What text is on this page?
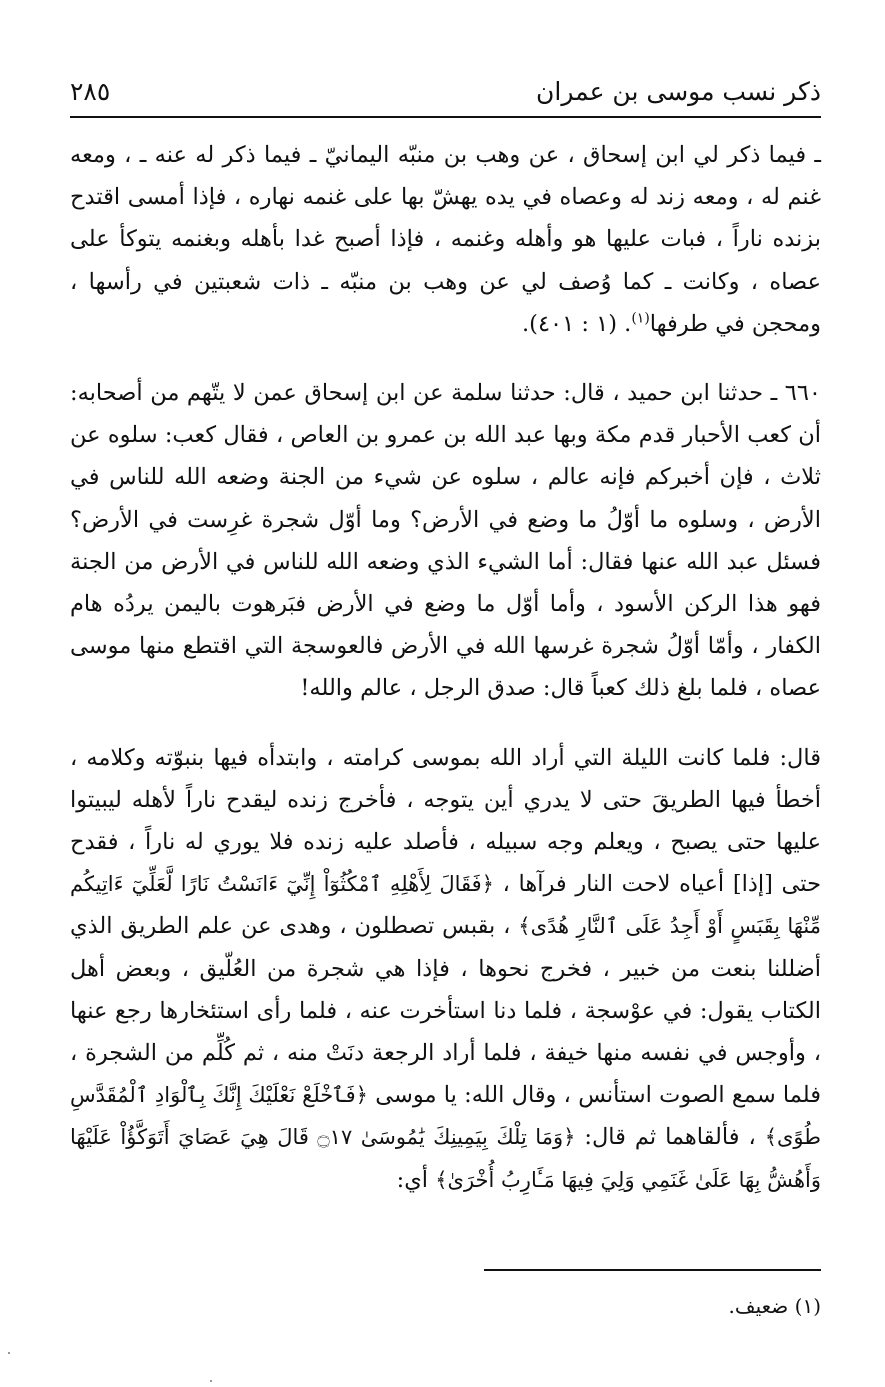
ذكر نسب موسى بن عمران
٢٨٥

ـ فيما ذكر لي ابن إسحاق ، عن وهب بن منبّه اليمانيّ ـ فيما ذكر له عنه ـ ، ومعه غنم له ، ومعه زند له وعصاه في يده يهشّ بها على غنمه نهاره ، فإذا أمسى اقتدح بزنده ناراً ، فبات عليها هو وأهله وغنمه ، فإذا أصبح غدا بأهله وبغنمه يتوكأ على عصاه ، وكانت ـ كما وُصف لي عن وهب بن منبّه ـ ذات شعبتين في رأسها ، ومحجن في طرفها$^{(١)}$. (١ : ٤٠١).

٦٦٠ ـ حدثنا ابن حميد ، قال: حدثنا سلمة عن ابن إسحاق عمن لا يتّهم من أصحابه: أن كعب الأحبار قدم مكة وبها عبد الله بن عمرو بن العاص ، فقال كعب: سلوه عن ثلاث ، فإن أخبركم فإنه عالم ، سلوه عن شيء من الجنة وضعه الله للناس في الأرض ، وسلوه ما أوّلُ ما وضع في الأرض؟ وما أوّل شجرة غرِست في الأرض؟ فسئل عبد الله عنها فقال: أما الشيء الذي وضعه الله للناس في الأرض من الجنة فهو هذا الركن الأسود ، وأما أوّل ما وضع في الأرض فبَرهوت باليمن يردُه هام الكفار ، وأمّا أوّلُ شجرة غرسها الله في الأرض فالعوسجة التي اقتطع منها موسى عصاه ، فلما بلغ ذلك كعباً قال: صدق الرجل ، عالم والله!

قال: فلما كانت الليلة التي أراد الله بموسى كرامته ، وابتدأه فيها بنبوّته وكلامه ، أخطأ فيها الطريقَ حتى لا يدري أين يتوجه ، فأخرج زنده ليقدح ناراً لأهله ليبيتوا عليها حتى يصبح ، ويعلم وجه سبيله ، فأصلد عليه زنده فلا يوري له ناراً ، فقدح حتى [إذا] أعياه لاحت النار فرآها ، ﴿فَقَالَ لِأَهْلِهِ ٱمْكُثُوٓاْ إِنِّيٓ ءَانَسْتُ نَارًا لَّعَلِّيٓ ءَاتِيكُم مِّنْهَا بِقَبَسٍ أَوْ أَجِدُ عَلَى ٱلنَّارِ هُدًى﴾ ، بقبس تصطلون ، وهدى عن علم الطريق الذي أضللنا بنعت من خبير ، فخرج نحوها ، فإذا هي شجرة من العُلّيق ، وبعض أهل الكتاب يقول: في عوْسجة ، فلما دنا استأخرت عنه ، فلما رأى استئخارها رجع عنها ، وأوجس في نفسه منها خيفة ، فلما أراد الرجعة دنَتْ منه ، ثم كُلِّم من الشجرة ، فلما سمع الصوت استأنس ، وقال الله: يا موسى ﴿فَٱخْلَعْ نَعْلَيْكَ إِنَّكَ بِٱلْوَادِ ٱلْمُقَدَّسِ طُوًى﴾ ، فألقاهما ثم قال: ﴿وَمَا تِلْكَ بِيَمِينِكَ يَٰمُوسَىٰ ۝١٧ قَالَ هِيَ عَصَايَ أَتَوَكَّؤُاْ عَلَيْهَا وَأَهُشُّ بِهَا عَلَىٰ غَنَمِي وَلِيَ فِيهَا مَـَٔارِبُ أُخْرَىٰ﴾ أي:

(١) ضعيف.
